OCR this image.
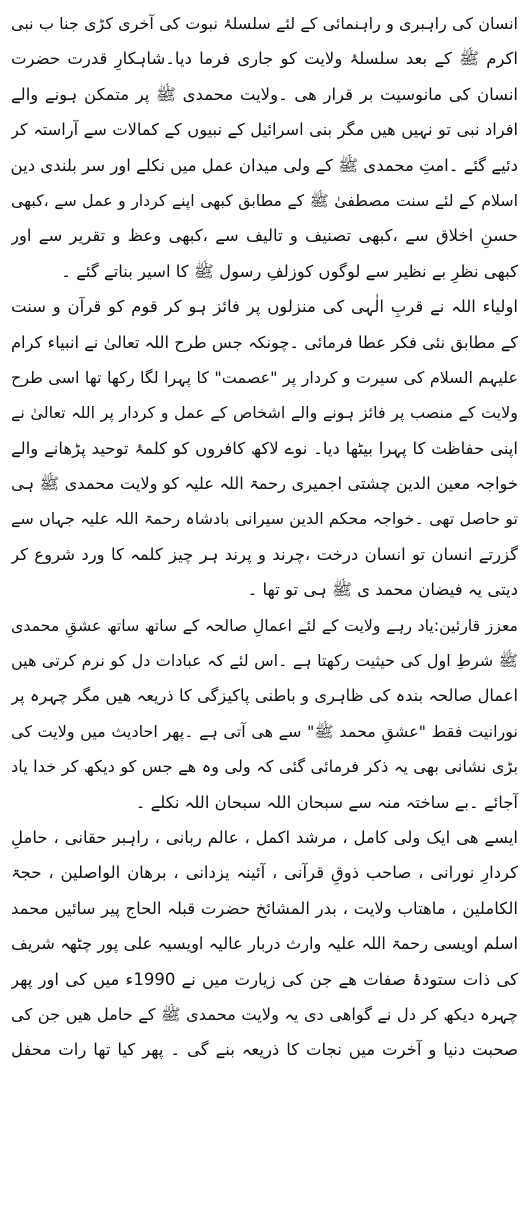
انسان کی راہبری و راہنمائی کے لئے سلسلۂ نبوت کی آخری کڑی جنا ب نبی
اکرم ﷺ کے بعد سلسلۂ ولایت کو جاری فرما دیا۔شاہکارِ قدرت حضرت
انسان کی مانوسیت بر قرار ھی ۔ولایت محمدی ﷺ پر متمکن ہونے والے
افراد نبی تو نہیں ھیں مگر بنی اسرائیل کے نبیوں کے کمالات سے آراستہ کر
دئیے گئے ۔امتِ محمدی ﷺ کے ولی میدان عمل میں نکلے اور سر بلندی دین
اسلام کے لئے سنت مصطفیٰ ﷺ کے مطابق کبھی اپنے کردار و عمل سے ،کبھی
حسنِ اخلاق سے ،کبھی تصنیف و تالیف سے ،کبھی وعظ و تقریر سے اور
کبھی نظرِ بے نظیر سے لوگوں کوزلفِ رسول ﷺ کا اسیر بناتے گئے ۔
اولیاء اللہ نے قربِ الٰہی کی منزلوں پر فائز ہو کر قوم کو قرآن و سنت
کے مطابق نئی فکر عطا فرمائی ۔چونکہ جس طرح اللہ تعالیٰ نے انبیاء کرام
علیہم السلام کی سیرت و کردار پر "عصمت" کا پہرا لگا رکھا تھا اسی طرح
ولایت کے منصب پر فائز ہونے والے اشخاص کے عمل و کردار پر اللہ تعالیٰ نے
اپنی حفاظت کا پہرا بیٹھا دیا۔ نوے لاکھ کافروں کو کلمۂ توحید پڑھانے والے
خواجہ معین الدین چشتی اجمیری رحمۃ اللہ علیہ کو ولایت محمدی ﷺ ہی
تو حاصل تھی ۔خواجہ محکم الدین سیرانی بادشاہ رحمۃ اللہ علیہ جہاں سے
گزرتے انسان تو انسان درخت ،چرند و پرند ہر چیز کلمہ کا ورد شروع کر
دیتی یہ فیضان محمد ی ﷺ ہی تو تھا ۔
معزز قارئین:یاد رہے ولایت کے لئے اعمالِ صالحہ کے ساتھ ساتھ عشقِ محمدی
ﷺ شرطِ اول کی حیثیت رکھتا ہے ۔اس لئے کہ عبادات دل کو نرم کرتی ھیں
اعمال صالحہ بندہ کی ظاہری و باطنی پاکیزگی کا ذریعہ ھیں مگر چہرہ پر
نورانیت فقط "عشقِ محمد ﷺ" سے ھی آتی ہے ۔پھر احادیث میں ولایت کی
بڑی نشانی بھی یہ ذکر فرمائی گئی کہ ولی وہ ھے جس کو دیکھ کر خدا یاد
آجائے ۔بے ساختہ منہ سے سبحان اللہ سبحان اللہ نکلے ۔
ایسے ھی ایک ولی کامل ، مرشد اکمل ، عالم ربانی ، راہبر حقانی ، حاملِ
کردارِ نورانی ، صاحب ذوقِ قرآنی ، آئینہ یزدانی ، برھان الواصلین ، حجۃ
الکاملین ، ماھتاب ولایت ، بدر المشائخ حضرت قبلہ الحاج پیر سائیں محمد
اسلم اویسی رحمۃ اللہ علیہ وارث دربار عالیہ اویسیہ علی پور چٹھہ شریف
کی ذات ستودۂ صفات ھے جن کی زیارت میں نے 1990ء میں کی اور پھر
چہرہ دیکھ کر دل نے گواھی دی یہ ولایت محمدی ﷺ کے حامل ھیں جن کی
صحبت دنیا و آخرت میں نجات کا ذریعہ بنے گی ۔ پھر کیا تھا رات محفل
